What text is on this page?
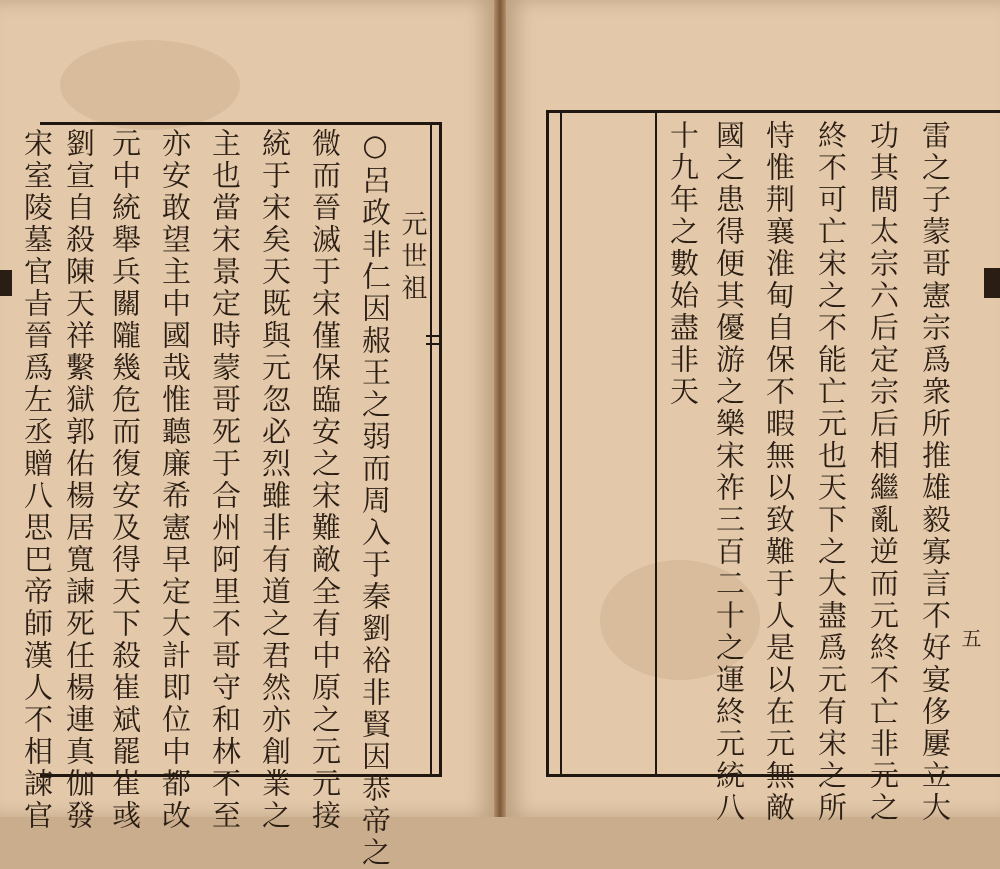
元世祖
○呂政非仁因赧王之弱而周入于秦劉裕非賢因恭帝之
微而晉滅于宋僅保臨安之宋難敵全有中原之元元接
統于宋矣天既與元忽必烈雖非有道之君然亦創業之
主也當宋景定時蒙哥死于合州阿里不哥守和林不至
亦安敢望主中國哉惟聽廉希憲早定大計即位中都改
元中統舉兵關隴幾危而復安及得天下殺崔斌罷崔彧
劉宣自殺陳天祥繫獄郭佑楊居寬諫死任楊連真伽發
宋室陵墓官㫖晉爲左丞贈八思巴帝師漢人不相諫官	雷之子蒙哥憲宗爲衆所推雄毅寡言不好宴侈屢立大
功其間太宗六后定宗后相繼亂逆而元終不亡非元之
終不可亡宋之不能亡元也天下之大盡爲元有宋之所
恃惟荆襄淮甸自保不暇無以致難于人是以在元無敵
國之患得便其優游之樂宋祚三百二十之運終元統八
十九年之數始盡非天
五
